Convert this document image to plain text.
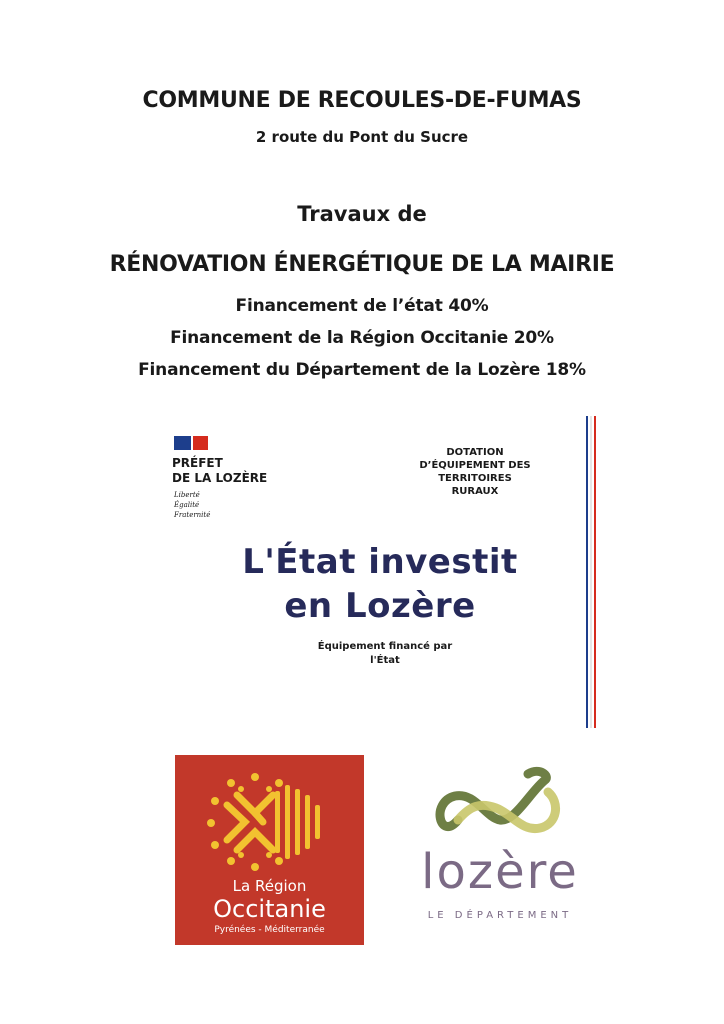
COMMUNE DE RECOULES-DE-FUMAS
2 route du Pont du Sucre
Travaux de
RÉNOVATION ÉNERGÉTIQUE DE LA MAIRIE
Financement de l’état 40%
Financement de la Région Occitanie 20%
Financement du Département de la Lozère 18%
PRÉFET
DE LA LOZÈRE
Liberté
Égalité
Fraternité
DOTATION
D’ÉQUIPEMENT DES
TERRITOIRES
RURAUX
L'État investit
en Lozère
Équipement financé par
l'État
La Région
Occitanie
Pyrénées - Méditerranée
lozère
LE DÉPARTEMENT
